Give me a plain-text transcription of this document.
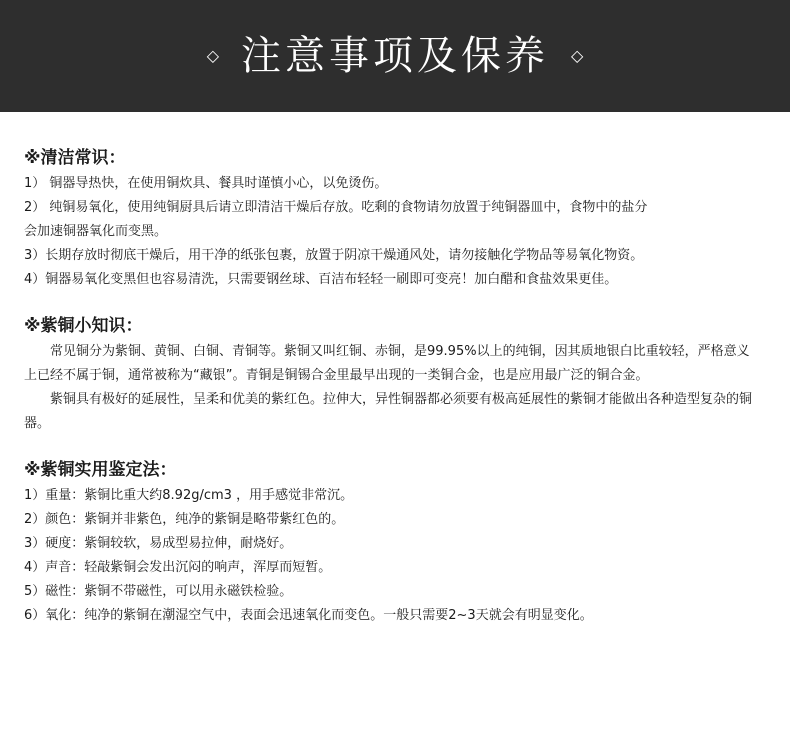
◇ 注意事项及保养 ◇
※清洁常识：
1） 铜器导热快，在使用铜炊具、餐具时谨慎小心，以免烫伤。
2） 纯铜易氧化，使用纯铜厨具后请立即清洁干燥后存放。吃剩的食物请勿放置于纯铜器皿中，食物中的盐分
会加速铜器氧化而变黑。
3）长期存放时彻底干燥后，用干净的纸张包裹，放置于阴凉干燥通风处，请勿接触化学物品等易氧化物资。
4）铜器易氧化变黑但也容易清洗，只需要钢丝球、百洁布轻轻一刷即可变亮！加白醋和食盐效果更佳。
※紫铜小知识：
常见铜分为紫铜、黄铜、白铜、青铜等。紫铜又叫红铜、赤铜，是99.95%以上的纯铜，因其质地银白比重较轻，严格意义上已经不属于铜，通常被称为“藏银”。青铜是铜锡合金里最早出现的一类铜合金，也是应用最广泛的铜合金。
紫铜具有极好的延展性，呈柔和优美的紫红色。拉伸大，异性铜器都必须要有极高延展性的紫铜才能做出各种造型复杂的铜器。
※紫铜实用鉴定法：
1）重量：紫铜比重大约8.92g/cm3 ，用手感觉非常沉。
2）颜色：紫铜并非紫色，纯净的紫铜是略带紫红色的。
3）硬度：紫铜较软，易成型易拉伸，耐烧好。
4）声音：轻敲紫铜会发出沉闷的响声，浑厚而短暂。
5）磁性：紫铜不带磁性，可以用永磁铁检验。
6）氧化：纯净的紫铜在潮湿空气中，表面会迅速氧化而变色。一般只需要2~3天就会有明显变化。
